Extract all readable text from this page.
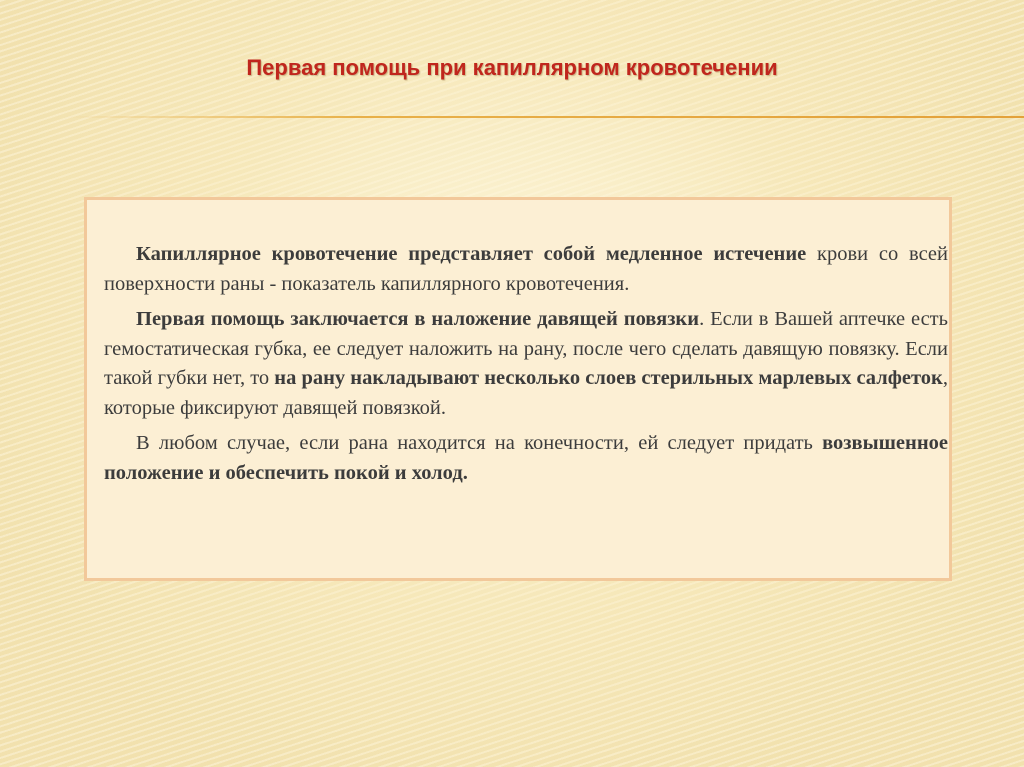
Первая помощь при капиллярном кровотечении

Капиллярное кровотечение представляет собой медленное истечение крови со всей поверхности раны - показатель капиллярного кровотечения.

Первая помощь заключается в наложение давящей повязки. Если в Вашей аптечке есть гемостатическая губка, ее следует наложить на рану, после чего сделать давящую повязку. Если такой губки нет, то на рану накладывают несколько слоев стерильных марлевых салфеток, которые фиксируют давящей повязкой.

В любом случае, если рана находится на конечности, ей следует придать возвышенное положение и обеспечить покой и холод.
